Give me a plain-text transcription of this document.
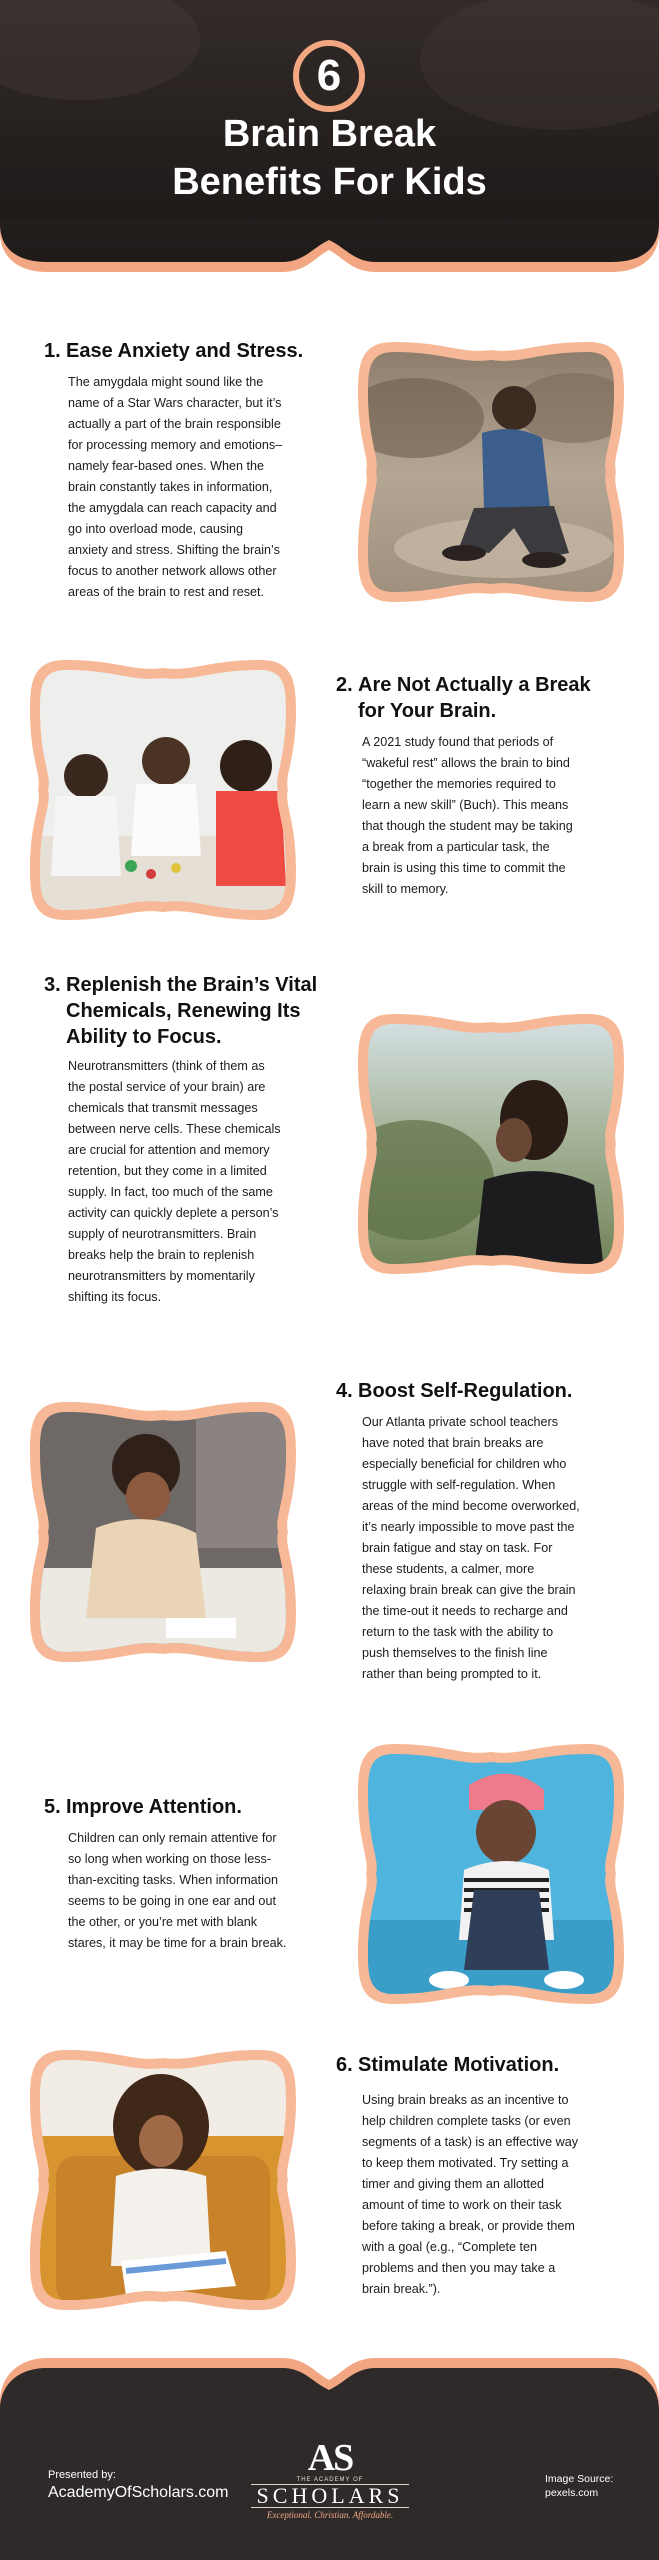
6
Brain Break
Benefits For Kids
1. Ease Anxiety and Stress.
The amygdala might sound like the
name of a Star Wars character, but it’s
actually a part of the brain responsible
for processing memory and emotions–
namely fear-based ones. When the
brain constantly takes in information,
the amygdala can reach capacity and
go into overload mode, causing
anxiety and stress. Shifting the brain’s
focus to another network allows other
areas of the brain to rest and reset.
2. Are Not Actually a Break
for Your Brain.
A 2021 study found that periods of
“wakeful rest” allows the brain to bind
“together the memories required to
learn a new skill” (Buch). This means
that though the student may be taking
a break from a particular task, the
brain is using this time to commit the
skill to memory.
3. Replenish the Brain’s Vital
Chemicals, Renewing Its
Ability to Focus.
Neurotransmitters (think of them as
the postal service of your brain) are
chemicals that transmit messages
between nerve cells. These chemicals
are crucial for attention and memory
retention, but they come in a limited
supply. In fact, too much of the same
activity can quickly deplete a person’s
supply of neurotransmitters. Brain
breaks help the brain to replenish
neurotransmitters by momentarily
shifting its focus.
4. Boost Self-Regulation.
Our Atlanta private school teachers
have noted that brain breaks are
especially beneficial for children who
struggle with self-regulation. When
areas of the mind become overworked,
it’s nearly impossible to move past the
brain fatigue and stay on task. For
these students, a calmer, more
relaxing brain break can give the brain
the time-out it needs to recharge and
return to the task with the ability to
push themselves to the finish line
rather than being prompted to it.
5. Improve Attention.
Children can only remain attentive for
so long when working on those less-
than-exciting tasks. When information
seems to be going in one ear and out
the other, or you’re met with blank
stares, it may be time for a brain break.
6. Stimulate Motivation.
Using brain breaks as an incentive to
help children complete tasks (or even
segments of a task) is an effective way
to keep them motivated. Try setting a
timer and giving them an allotted
amount of time to work on their task
before taking a break, or provide them
with a goal (e.g., “Complete ten
problems and then you may take a
brain break.”).
Presented by:
AcademyOfScholars.com
AS
THE ACADEMY OF
SCHOLARS
Exceptional. Christian. Affordable.
Image Source:
pexels.com
